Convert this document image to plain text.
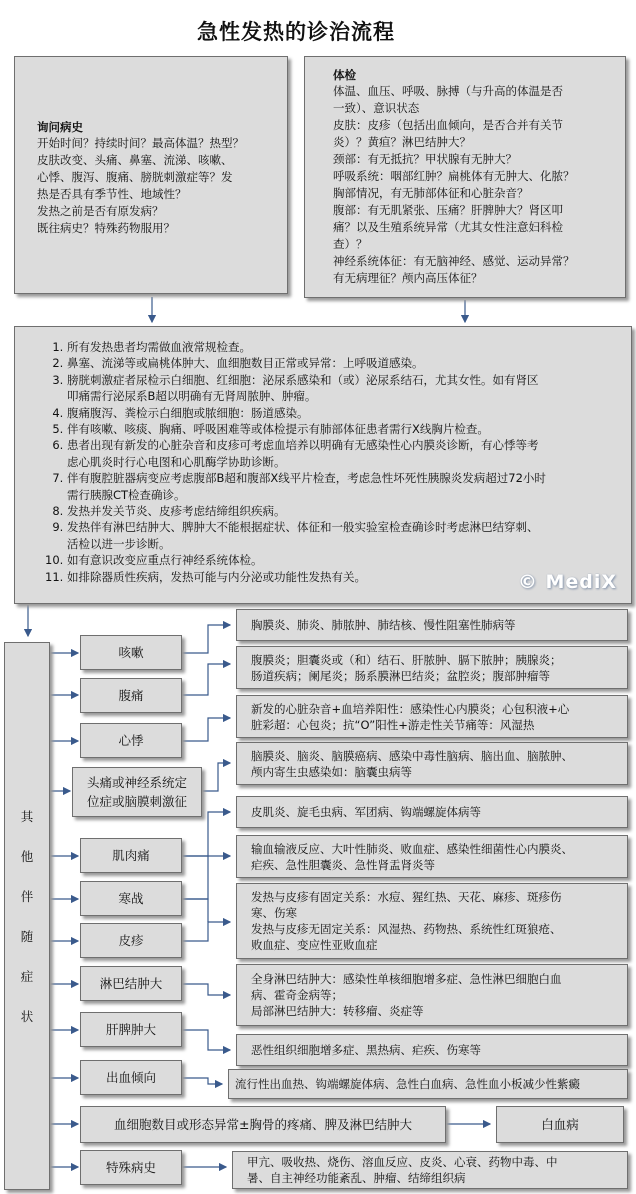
急性发热的诊治流程
询问病史
开始时间？持续时间？最高体温？热型？
皮肤改变、头痛、鼻塞、流涕、咳嗽、
心悸、腹泻、腹痛、膀胱刺激症等？发
热是否具有季节性、地域性？
发热之前是否有原发病？
既往病史？特殊药物服用？
体检
体温、血压、呼吸、脉搏（与升高的体温是否
一致）、意识状态
皮肤：皮疹（包括出血倾向，是否合并有关节
炎）？黄疸？淋巴结肿大？
颈部：有无抵抗？甲状腺有无肿大？
呼吸系统：咽部红肿？扁桃体有无肿大、化脓？
胸部情况，有无肺部体征和心脏杂音？
腹部：有无肌紧张、压痛？肝脾肿大？肾区叩
痛？以及生殖系统异常（尤其女性注意妇科检
查）？
神经系统体征：有无脑神经、感觉、运动异常？
有无病理征？颅内高压体征？
1. 所有发热患者均需做血液常规检查。
2. 鼻塞、流涕等或扁桃体肿大、血细胞数目正常或异常：上呼吸道感染。
3. 膀胱刺激症者尿检示白细胞、红细胞：泌尿系感染和（或）泌尿系结石，尤其女性。如有肾区
叩痛需行泌尿系B超以明确有无肾周脓肿、肿瘤。
4. 腹痛腹泻、粪检示白细胞或脓细胞：肠道感染。
5. 伴有咳嗽、咳痰、胸痛、呼吸困难等或体检提示有肺部体征患者需行X线胸片检查。
6. 患者出现有新发的心脏杂音和皮疹可考虑血培养以明确有无感染性心内膜炎诊断，有心悸等考
虑心肌炎时行心电图和心肌酶学协助诊断。
7. 伴有腹腔脏器病变应考虑腹部B超和腹部X线平片检查，考虑急性坏死性胰腺炎发病超过72小时
需行胰腺CT检查确诊。
8. 发热并发关节炎、皮疹考虑结缔组织疾病。
9. 发热伴有淋巴结肿大、脾肿大不能根据症状、体征和一般实验室检查确诊时考虑淋巴结穿刺、
活检以进一步诊断。
10. 如有意识改变应重点行神经系统体检。
11. 如排除器质性疾病，发热可能与内分泌或功能性发热有关。	© MediX
其
他
伴
随
症
状
咳嗽
腹痛
心悸
头痛或神经系统定位症或脑膜刺激征
肌肉痛
寒战
皮疹
淋巴结肿大
肝脾肿大
出血倾向
血细胞数目或形态异常±胸骨的疼痛、脾及淋巴结肿大
特殊病史
胸膜炎、肺炎、肺脓肿、肺结核、慢性阻塞性肺病等
腹膜炎；胆囊炎或（和）结石、肝脓肿、膈下脓肿；胰腺炎；
肠道疾病；阑尾炎；肠系膜淋巴结炎；盆腔炎；腹部肿瘤等
新发的心脏杂音+血培养阳性：感染性心内膜炎；心包积液+心
脏彩超：心包炎；抗“O”阳性+游走性关节痛等：风湿热
脑膜炎、脑炎、脑膜癌病、感染中毒性脑病、脑出血、脑脓肿、
颅内寄生虫感染如：脑囊虫病等
皮肌炎、旋毛虫病、军团病、钩端螺旋体病等
输血输液反应、大叶性肺炎、败血症、感染性细菌性心内膜炎、
疟疾、急性胆囊炎、急性肾盂肾炎等
发热与皮疹有固定关系：水痘、猩红热、天花、麻疹、斑疹伤
寒、伤寒
发热与皮疹无固定关系：风湿热、药物热、系统性红斑狼疮、
败血症、变应性亚败血症
全身淋巴结肿大：感染性单核细胞增多症、急性淋巴细胞白血
病、霍奇金病等；
局部淋巴结肿大：转移瘤、炎症等
恶性组织细胞增多症、黑热病、疟疾、伤寒等
流行性出血热、钩端螺旋体病、急性白血病、急性血小板减少性紫癜
白血病
甲亢、吸收热、烧伤、溶血反应、皮炎、心衰、药物中毒、中
暑、自主神经功能紊乱、肿瘤、结缔组织病
